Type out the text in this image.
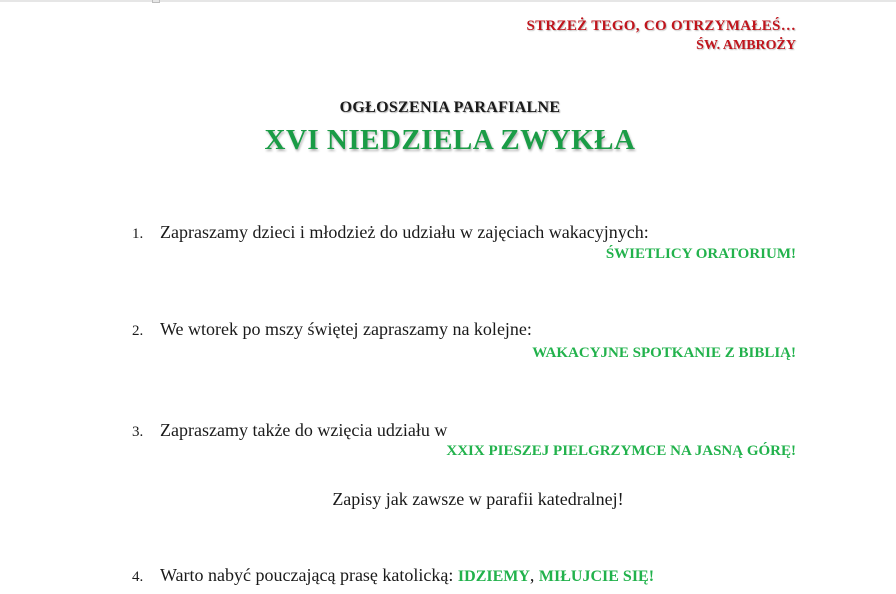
STRZEŻ TEGO, CO OTRZYMAŁEŚ…
ŚW. AMBROŻY
OGŁOSZENIA PARAFIALNE
XVI NIEDZIELA ZWYKŁA
1. Zapraszamy dzieci i młodzież do udziału w zajęciach wakacyjnych:
ŚWIETLICY ORATORIUM!
2. We wtorek po mszy świętej zapraszamy na kolejne:
WAKACYJNE SPOTKANIE Z BIBLIĄ!
3. Zapraszamy także do wzięcia udziału w
XXIX PIESZEJ PIELGRZYMCE NA JASNĄ GÓRĘ!
Zapisy jak zawsze w parafii katedralnej!
4. Warto nabyć pouczającą prasę katolicką: IDZIEMY, MIŁUJCIE SIĘ!
